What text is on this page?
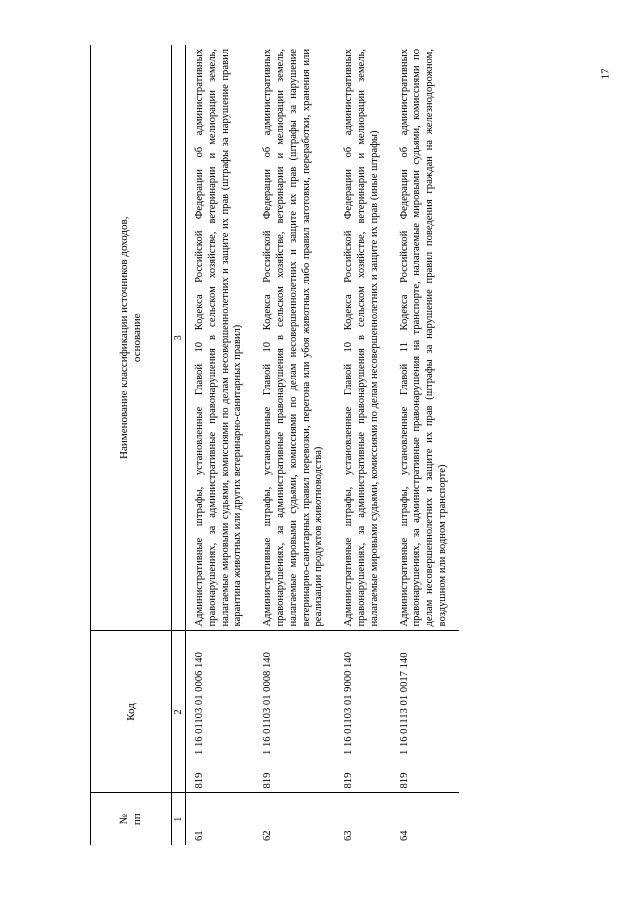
17
№
пп	Код		Наименование классификации источников доходов,
основание
1	2		3
61	819	1 16 01103 01 0006 140	Административные штрафы, установленные Главой 10 Кодекса Российской Федерации об административных правонарушениях, за административные правонарушения в сельском хозяйстве, ветеринарии и мелиорации земель, налагаемые мировыми судьями, комиссиями по делам несовершеннолетних и защите их прав (штрафы за нарушение правил карантина животных или других ветеринарно-санитарных правил)
62	819	1 16 01103 01 0008 140	Административные штрафы, установленные Главой 10 Кодекса Российской Федерации об административных правонарушениях, за административные правонарушения в сельском хозяйстве, ветеринарии и мелиорации земель, налагаемые мировыми судьями, комиссиями по делам несовершеннолетних и защите их прав (штрафы за нарушение ветеринарно-санитарных правил перевозки, перегона или убоя животных либо правил заготовки, переработки, хранения или реализации продуктов животноводства)
63	819	1 16 01103 01 9000 140	Административные штрафы, установленные Главой 10 Кодекса Российской Федерации об административных правонарушениях, за административные правонарушения в сельском хозяйстве, ветеринарии и мелиорации земель, налагаемые мировыми судьями, комиссиями по делам несовершеннолетних и защите их прав (иные штрафы)
64	819	1 16 01113 01 0017 140	Административные штрафы, установленные Главой 11 Кодекса Российской Федерации об административных правонарушениях, за административные правонарушения на транспорте, налагаемые мировыми судьями, комиссиями по делам несовершеннолетних и защите их прав (штрафы за нарушение правил поведения граждан на железнодорожном, воздушном или водном транспорте)
